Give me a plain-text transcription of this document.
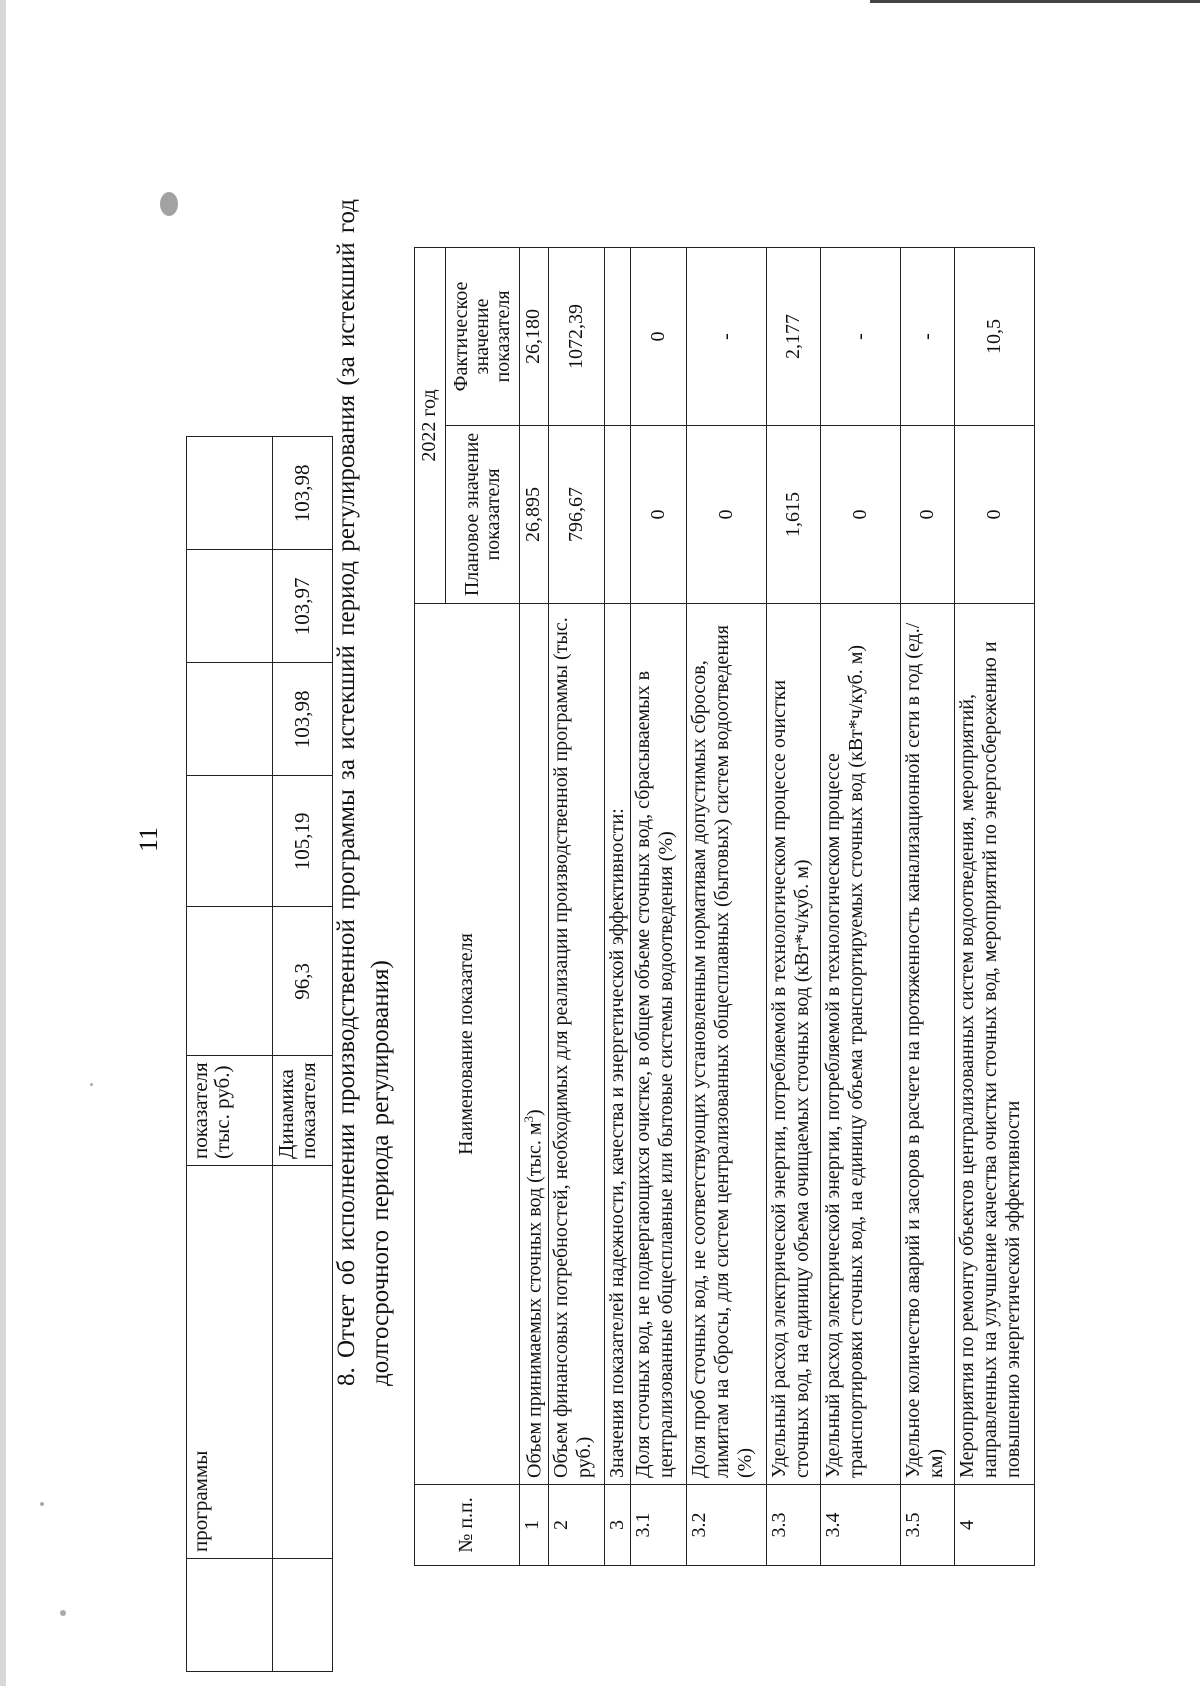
	программы	показателя (тыс. руб.)					
		Динамика показателя	96,3	105,19	103,98	103,97	103,98
11	8. Отчет об исполнении производственной программы за истекший период регулирования (за истекший год долгосрочного периода регулирования)
№ п.п.	Наименование показателя	2022 год	
		Плановое значение показателя	Фактическое значение показателя
1	Объем принимаемых сточных вод (тыс. $м^3$)	26,895	26,180
2	Объем финансовых потребностей, необходимых для реализации производственной программы (тыс. руб.)	796,67	1072,39
3	Значения показателей надежности, качества и энергетической эффективности:		
3.1	Доля сточных вод, не подвергающихся очистке, в общем объеме сточных вод, сбрасываемых в централизованные общесплавные или бытовые системы водоотведения (%)	0	0
3.2	Доля проб сточных вод, не соответствующих установленным нормативам допустимых сбросов, лимитам на сбросы, для систем централизованных общесплавных (бытовых) систем водоотведения (%)	0	-
3.3	Удельный расход электрической энергии, потребляемой в технологическом процессе очистки сточных вод, на единицу объема очищаемых сточных вод (кВт*ч/куб. м)	1,615	2,177
3.4	Удельный расход электрической энергии, потребляемой в технологическом процессе транспортировки сточных вод, на единицу объема транспортируемых сточных вод (кВт*ч/куб. м)	0	-
3.5	Удельное количество аварий и засоров в расчете на протяженность канализационной сети в год (ед./км)	0	-
4	Мероприятия по ремонту объектов централизованных систем водоотведения, мероприятий, направленных на улучшение качества очистки сточных вод, мероприятий по энергосбережению и повышению энергетической эффективности	0	10,5
